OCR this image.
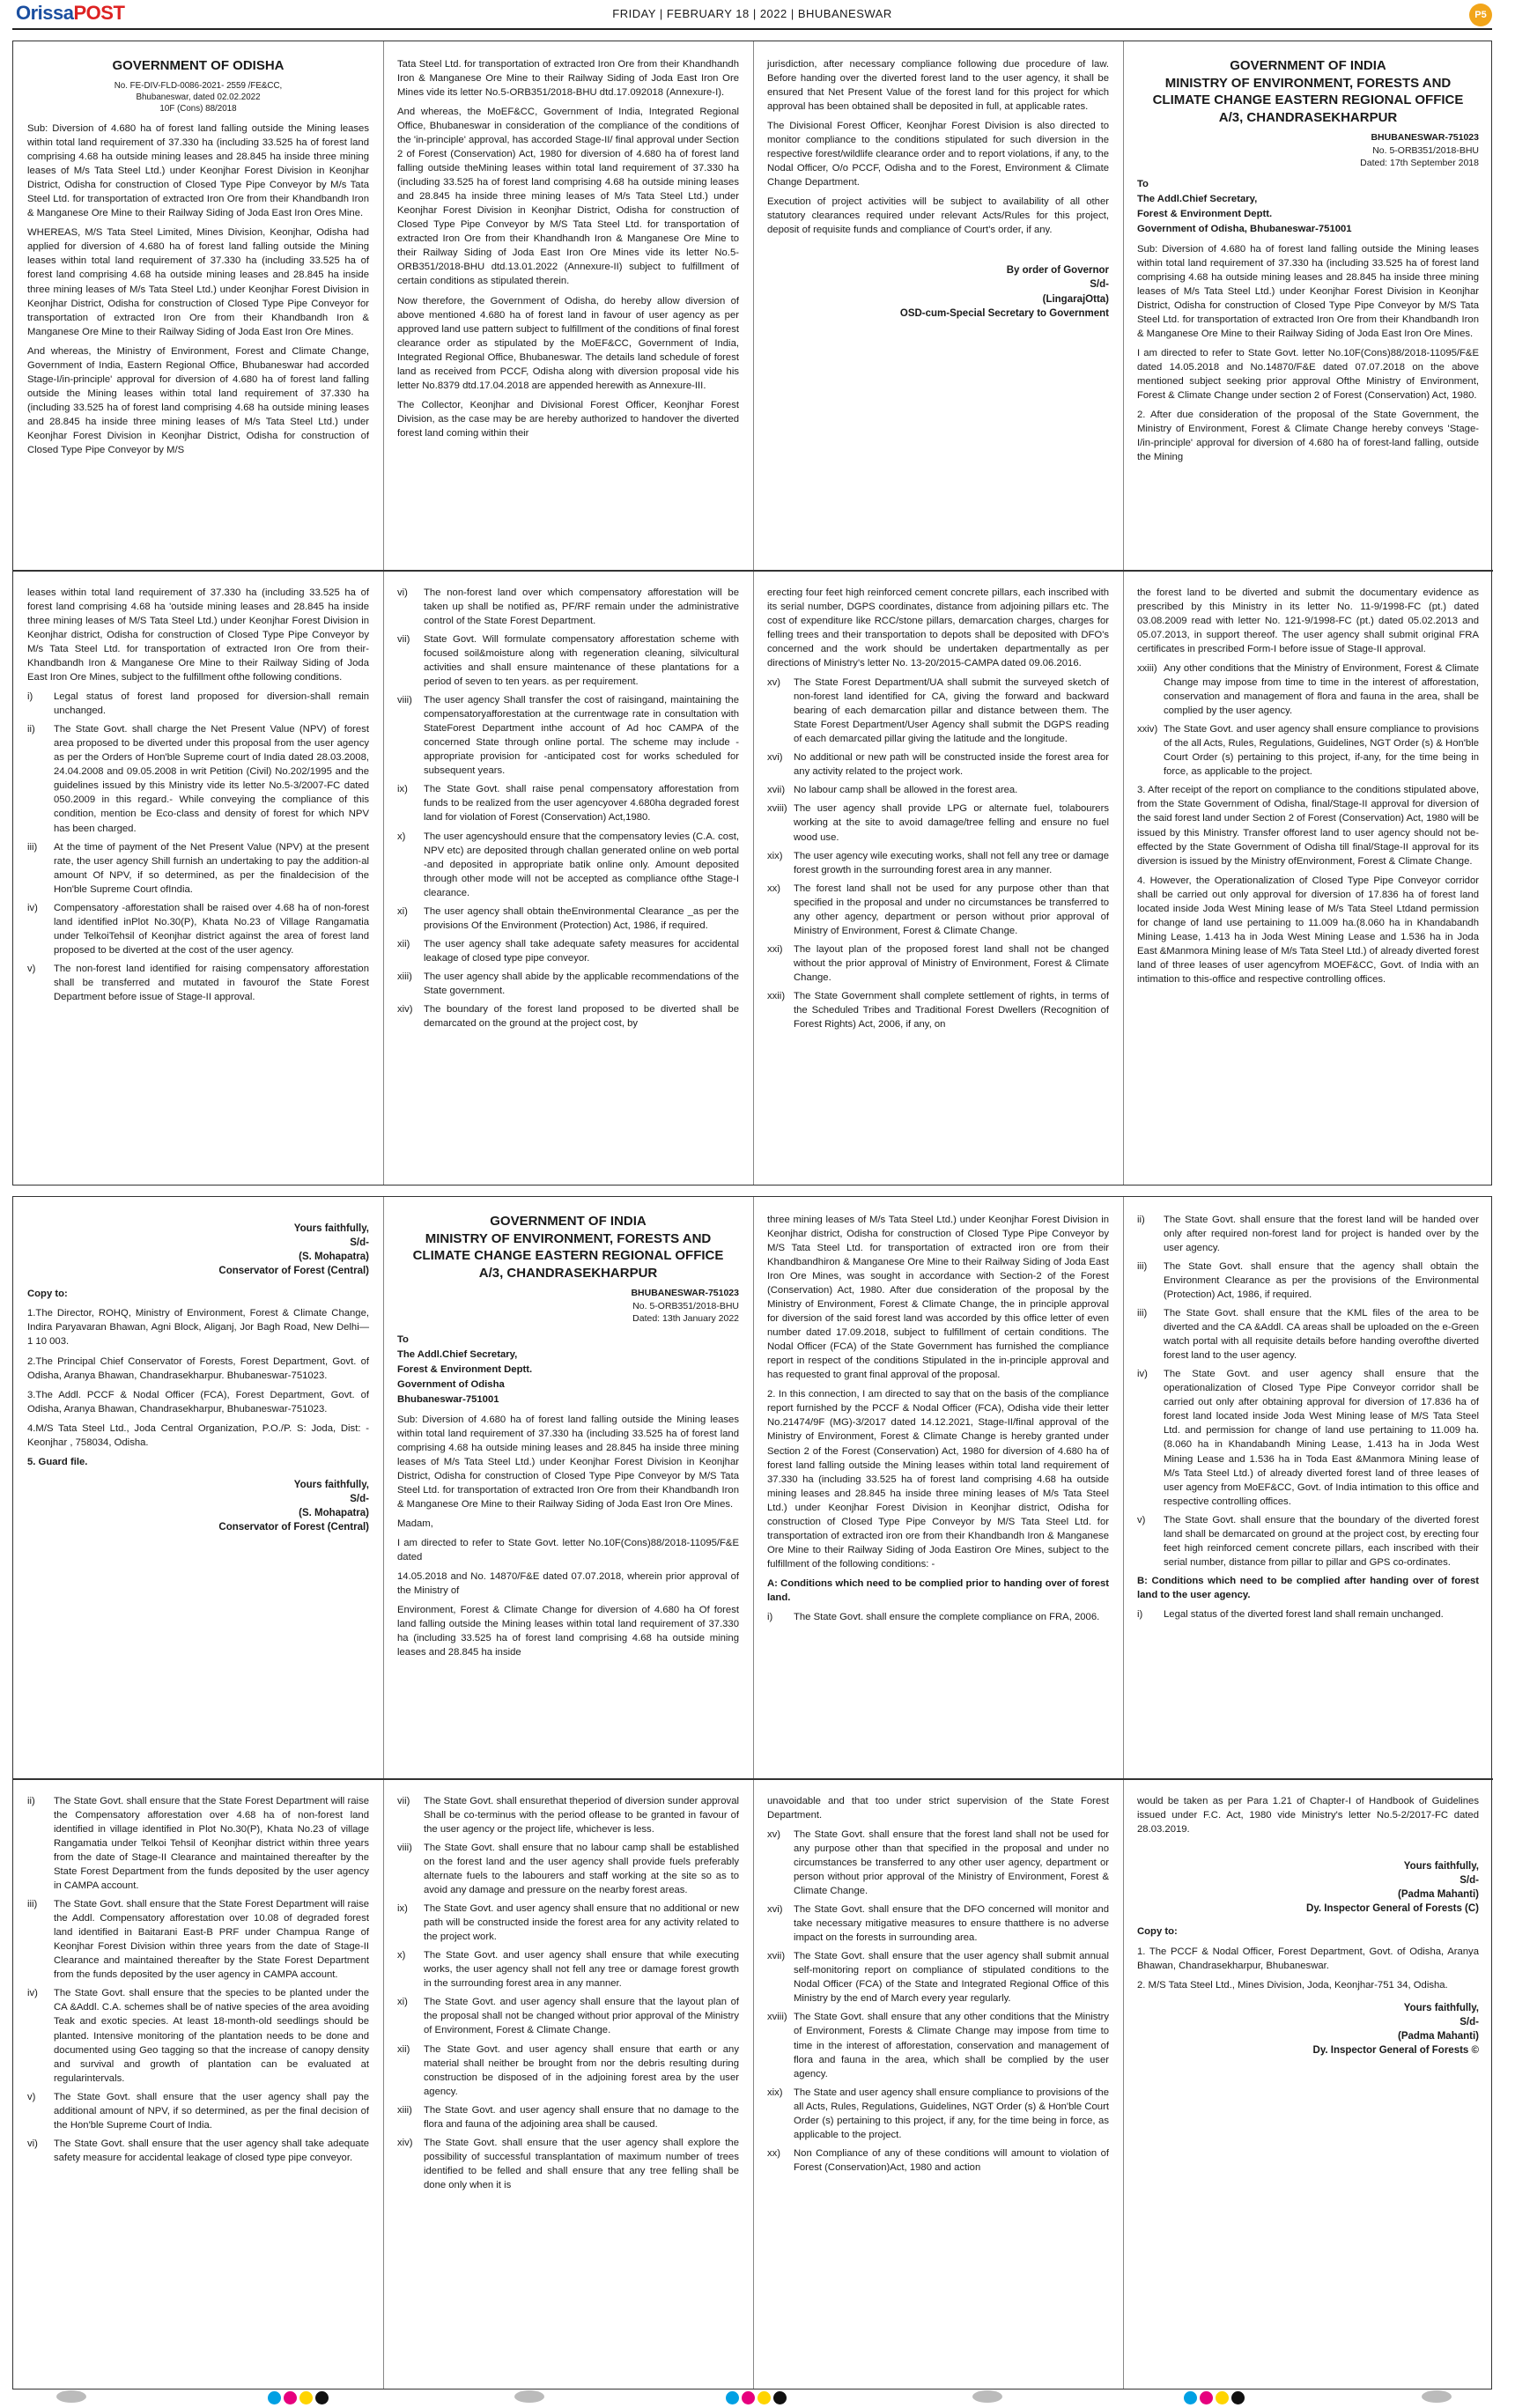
OrissaPOST	FRIDAY | FEBRUARY 18 | 2022 | BHUBANESWAR	P5
GOVERNMENT OF ODISHA
No. FE-DIV-FLD-0086-2021- 2559 /FE&CC,
Bhubaneswar, dated 02.02.2022
10F (Cons) 88/2018

Sub: Diversion of 4.680 ha of forest land falling outside the Mining leases within total land requirement of 37.330 ha (including 33.525 ha of forest land comprising 4.68 ha outside mining leases and 28.845 ha inside three mining leases of M/s Tata Steel Ltd.) under Keonjhar Forest Division in Keonjhar District, Odisha for construction of Closed Type Pipe Conveyor by M/s Tata Steel Ltd. for transportation of extracted Iron Ore from their Khandbandh Iron & Manganese Ore Mine to their Railway Siding of Joda East Iron Ores Mine.

WHEREAS, M/S Tata Steel Limited, Mines Division, Keonjhar, Odisha had applied for diversion of 4.680 ha of forest land falling outside the Mining leases within total land requirement of 37.330 ha (including 33.525 ha of forest land comprising 4.68 ha outside mining leases and 28.845 ha inside three mining leases of M/s Tata Steel Ltd.) under Keonjhar Forest Division in Keonjhar District, Odisha for construction of Closed Type Pipe Conveyor for transportation of extracted Iron Ore from their Khandbandh Iron & Manganese Ore Mine to their Railway Siding of Joda East Iron Ore Mines.

And whereas, the Ministry of Environment, Forest and Climate Change, Government of India, Eastern Regional Office, Bhubaneswar had accorded Stage-I/in-principle' approval for diversion of 4.680 ha of forest land falling outside the Mining leases within total land requirement of 37.330 ha (including 33.525 ha of forest land comprising 4.68 ha outside mining leases and 28.845 ha inside three mining leases of M/s Tata Steel Ltd.) under Keonjhar Forest Division in Keonjhar District, Odisha for construction of Closed Type Pipe Conveyor by M/S

Tata Steel Ltd. for transportation of extracted Iron Ore from their Khandhandh Iron & Manganese Ore Mine to their Railway Siding of Joda East Iron Ore Mines vide its letter No.5-ORB351/2018-BHU dtd.17.092018 (Annexure-I).

And whereas, the MoEF&CC, Government of India, Integrated Regional Office, Bhubaneswar in consideration of the compliance of the conditions of the 'in-principle' approval, has accorded Stage-II/ final approval under Section 2 of Forest (Conservation) Act, 1980 for diversion of 4.680 ha of forest land falling outside theMining leases within total land requirement of 37.330 ha (including 33.525 ha of forest land comprising 4.68 ha outside mining leases and 28.845 ha inside three mining leases of M/s Tata Steel Ltd.) under Keonjhar Forest Division in Keonjhar District, Odisha for construction of Closed Type Pipe Conveyor by M/S Tata Steel Ltd. for transportation of extracted Iron Ore from their Khandhandh Iron & Manganese Ore Mine to their Railway Siding of Joda East Iron Ore Mines vide its letter No.5-ORB351/2018-BHU dtd.13.01.2022 (Annexure-II) subject to fulfillment of certain conditions as stipulated therein.

Now therefore, the Government of Odisha, do hereby allow diversion of above mentioned 4.680 ha of forest land in favour of user agency as per approved land use pattern subject to fulfillment of the conditions of final forest clearance order as stipulated by the MoEF&CC, Government of India, Integrated Regional Office, Bhubaneswar. The details land schedule of forest land as received from PCCF, Odisha along with diversion proposal vide his letter No.8379 dtd.17.04.2018 are appended herewith as Annexure-III.

The Collector, Keonjhar and Divisional Forest Officer, Keonjhar Forest Division, as the case may be are hereby authorized to handover the diverted forest land coming within their

jurisdiction, after necessary compliance following due procedure of law. Before handing over the diverted forest land to the user agency, it shall be ensured that Net Present Value of the forest land for this project for which approval has been obtained shall be deposited in full, at applicable rates.

The Divisional Forest Officer, Keonjhar Forest Division is also directed to monitor compliance to the conditions stipulated for such diversion in the respective forest/wildlife clearance order and to report violations, if any, to the Nodal Officer, O/o PCCF, Odisha and to the Forest, Environment & Climate Change Department.

Execution of project activities will be subject to availability of all other statutory clearances required under relevant Acts/Rules for this project, deposit of requisite funds and compliance of Court's order, if any.

By order of Governor
S/d-
(LingarajOtta)
OSD-cum-Special Secretary to Government
GOVERNMENT OF INDIA
MINISTRY OF ENVIRONMENT, FORESTS AND CLIMATE CHANGE EASTERN REGIONAL OFFICE
A/3, CHANDRASEKHARPUR
BHUBANESWAR-751023
No. 5-ORB351/2018-BHU
Dated: 17th September 2018
To
The Addl.Chief Secretary,
Forest & Environment Deptt.
Government of Odisha, Bhubaneswar-751001

Sub: Diversion of 4.680 ha of forest land falling outside the Mining leases within total land requirement of 37.330 ha (including 33.525 ha of forest land comprising 4.68 ha outside mining leases and 28.845 ha inside three mining leases of M/s Tata Steel Ltd.) under Keonjhar Forest Division in Keonjhar District, Odisha for construction of Closed Type Pipe Conveyor by M/S Tata Steel Ltd. for transportation of extracted Iron Ore from their Khandbandh Iron & Manganese Ore Mine to their Railway Siding of Joda East Iron Ore Mines.

I am directed to refer to State Govt. letter No.10F(Cons)88/2018-11095/F&E dated 14.05.2018 and No.14870/F&E dated 07.07.2018 on the above mentioned subject seeking prior approval Ofthe Ministry of Environment, Forest & Climate Change under section 2 of Forest (Conservation) Act, 1980.

2. After due consideration of the proposal of the State Government, the Ministry of Environment, Forest & Climate Change hereby conveys 'Stage-I/in-principle' approval for diversion of 4.680 ha of forest-land falling, outside the Mining

leases within total land requirement of 37.330 ha (including 33.525 ha of forest land comprising 4.68 ha 'outside mining leases and 28.845 ha inside three mining leases of M/S Tata Steel Ltd.) under Keonjhar Forest Division in Keonjhar district, Odisha for construction of Closed Type Pipe Conveyor by M/s Tata Steel Ltd. for transportation of extracted Iron Ore from their-Khandbandh Iron & Manganese Ore Mine to their Railway Siding of Joda East Iron Ore Mines, subject to the fulfillment ofthe following conditions.

i)	Legal status of forest land proposed for diversion-shall remain unchanged.
ii)	The State Govt. shall charge the Net Present Value (NPV) of forest area proposed to be diverted under this proposal from the user agency as per the Orders of Hon'ble Supreme court of India dated 28.03.2008, 24.04.2008 and 09.05.2008 in writ Petition (Civil) No.202/1995 and the guidelines issued by this Ministry vide its letter No.5-3/2007-FC dated 050.2009 in this regard.- While conveying the compliance of this condition, mention be Eco-class and density of forest for which NPV has been charged.
iii)	At the time of payment of the Net Present Value (NPV) at the present rate, the user agency Shill furnish an undertaking to pay the addition-al amount Of NPV, if so determined, as per the finaldecision of the Hon'ble Supreme Court ofIndia.
iv)	Compensatory -afforestation shall be raised over 4.68 ha of non-forest land identified inPlot No.30(P), Khata No.23 of Village Rangamatia under TelkoiTehsil of Keonjhar district against the area of forest land proposed to be diverted at the cost of the user agency.
v)	The non-forest land identified for raising compensatory afforestation shall be transferred and mutated in favourof the State Forest Department before issue of Stage-II approval.
vi)	The non-forest land over which compensatory afforestation will be taken up shall be notified as, PF/RF remain under the administrative control of the State Forest Department.
vii)	State Govt. Will formulate compensatory afforestation scheme with focused soil&moisture along with regeneration cleaning, silvicultural activities and shall ensure maintenance of these plantations for a period of seven to ten years. as per requirement.
viii)	The user agency Shall transfer the cost of raisingand, maintaining the compensatoryafforestation at the currentwage rate in consultation with StateForest Department inthe account of Ad hoc CAMPA of the concerned State through online portal. The scheme may include -appropriate provision for -anticipated cost for works scheduled for subsequent years.
ix)	The State Govt. shall raise penal compensatory afforestation from funds to be realized from the user agencyover 4.680ha degraded forest land for violation of Forest (Conservation) Act,1980.
x)	The user agencyshould ensure that the compensatory levies (C.A. cost, NPV etc) are deposited through challan generated online on web portal -and deposited in appropriate batik online only. Amount deposited through other mode will not be accepted as compliance ofthe Stage-I clearance.
xi)	The user agency shall obtain theEnvironmental Clearance _as per the provisions Of the Environment (Protection) Act, 1986, if required.
xii)	The user agency shall take adequate safety measures for accidental leakage of closed type pipe conveyor.
xiii)	The user agency shall abide by the applicable recommendations of the State government.
xiv)	The boundary of the forest land proposed to be diverted shall be demarcated on the ground at the project cost, by

erecting four feet high reinforced cement concrete pillars, each inscribed with its serial number, DGPS coordinates, distance from adjoining pillars etc. The cost of expenditure like RCC/stone pillars, demarcation charges, charges for felling trees and their transportation to depots shall be deposited with DFO's concerned and the work should be undertaken departmentally as per directions of Ministry's letter No. 13-20/2015-CAMPA dated 09.06.2016.

xv)	The State Forest Department/UA shall submit the surveyed sketch of non-forest land identified for CA, giving the forward and backward bearing of each demarcation pillar and distance between them. The State Forest Department/User Agency shall submit the DGPS reading of each demarcated pillar giving the latitude and the longitude.
xvi)	No additional or new path will be constructed inside the forest area for any activity related to the project work.
xvii) No labour camp shall be allowed in the forest area.
xviii) The user agency shall provide LPG or alternate fuel, tolabourers working at the site to avoid damage/tree felling and ensure no fuel wood use.
xix)	The user agency wile executing works, shall not fell any tree or damage forest growth in the surrounding forest area in any manner.
xx)	The forest land shall not be used for any purpose other than that specified in the proposal and under no circumstances be transferred to any other agency, department or person without prior approval of Ministry of Environment, Forest & Climate Change.
xxi)	The layout plan of the proposed forest land shall not be changed without the prior approval of Ministry of Environment, Forest & Climate Change.
xxii) The State Government shall complete settlement of rights, in terms of the Scheduled Tribes and Traditional Forest Dwellers (Recognition of Forest Rights) Act, 2006, if any, on

the forest land to be diverted and submit the documentary evidence as prescribed by this Ministry in its letter No. 11-9/1998-FC (pt.) dated 03.08.2009 read with letter No. 121-9/1998-FC (pt.) dated 05.02.2013 and 05.07.2013, in support thereof. The user agency shall submit original FRA certificates in prescribed Form-I before issue of Stage-II approval.

xxiii) Any other conditions that the Ministry of Environment, Forest & Climate Change may impose from time to time in the interest of afforestation, conservation and management of flora and fauna in the area, shall be complied by the user agency.
xxiv) The State Govt. and user agency shall ensure compliance to provisions of the all Acts, Rules, Regulations, Guidelines, NGT Order (s) & Hon'ble Court Order (s) pertaining to this project, if-any, for the time being in force, as applicable to the project.

3. After receipt of the report on compliance to the conditions stipulated above, from the State Government of Odisha, final/Stage-II approval for diversion of the said forest land under Section 2 of Forest (Conservation) Act, 1980 will be issued by this Ministry. Transfer offorest land to user agency should not be- effected by the State Government of Odisha till final/Stage-II approval for its diversion is issued by the Ministry ofEnvironment, Forest & Climate Change.

4. However, the Operationalization of Closed Type Pipe Conveyor corridor shall be carried out only approval for diversion of 17.836 ha of forest land located inside Joda West Mining lease of M/s Tata Steel Ltdand permission for change of land use pertaining to 11.009 ha.(8.060 ha in Khandabandh Mining Lease, 1.413 ha in Joda West Mining Lease and 1.536 ha in Joda East &Manmora Mining lease of M/s Tata Steel Ltd.) of already diverted forest land of three leases of user agencyfrom MOEF&CC, Govt. of India with an intimation to this-office and respective controlling offices.

Yours faithfully,
S/d-
(S. Mohapatra)
Conservator of Forest (Central)

Copy to:

1.The Director, ROHQ, Ministry of Environment, Forest & Climate Change, Indira Paryavaran Bhawan, Agni Block, Aliganj, Jor Bagh Road, New Delhi— 1 10 003.

2.The Principal Chief Conservator of Forests, Forest Department, Govt. of Odisha, Aranya Bhawan, Chandrasekharpur. Bhubaneswar-751023.

3.The Addl. PCCF & Nodal Officer (FCA), Forest Department, Govt. of Odisha, Aranya Bhawan, Chandrasekharpur, Bhubaneswar-751023.

4.M/S Tata Steel Ltd., Joda Central Organization, P.O./P. S: Joda, Dist: -Keonjhar , 758034, Odisha.

5. Guard file.

Yours faithfully,
S/d-
(S. Mohapatra)
Conservator of Forest (Central)
GOVERNMENT OF INDIA
MINISTRY OF ENVIRONMENT, FORESTS AND CLIMATE CHANGE EASTERN REGIONAL OFFICE
A/3, CHANDRASEKHARPUR
BHUBANESWAR-751023
No. 5-ORB351/2018-BHU
Dated: 13th January 2022
To
The Addl.Chief Secretary,
Forest & Environment Deptt.
Government of Odisha
Bhubaneswar-751001

Sub: Diversion of 4.680 ha of forest land falling outside the Mining leases within total land requirement of 37.330 ha (including 33.525 ha of forest land comprising 4.68 ha outside mining leases and 28.845 ha inside three mining leases of M/s Tata Steel Ltd.) under Keonjhar Forest Division in Keonjhar District, Odisha for construction of Closed Type Pipe Conveyor by M/S Tata Steel Ltd. for transportation of extracted Iron Ore from their Khandbandh Iron & Manganese Ore Mine to their Railway Siding of Joda East Iron Ore Mines.

Madam,

I am directed to refer to State Govt. letter No.10F(Cons)88/2018-11095/F&E dated

14.05.2018 and No. 14870/F&E dated 07.07.2018, wherein prior approval of the Ministry of

Environment, Forest & Climate Change for diversion of 4.680 ha Of forest land falling outside the Mining leases within total land requirement of 37.330 ha (including 33.525 ha of forest land comprising 4.68 ha outside mining leases and 28.845 ha inside

three mining leases of M/s Tata Steel Ltd.) under Keonjhar Forest Division in Keonjhar district, Odisha for construction of Closed Type Pipe Conveyor by M/S Tata Steel Ltd. for transportation of extracted iron ore from their Khandbandhiron & Manganese Ore Mine to their Railway Siding of Joda East Iron Ore Mines, was sought in accordance with Section-2 of the Forest (Conservation) Act, 1980. After due consideration of the proposal by the Ministry of Environment, Forest & Climate Change, the in principle approval for diversion of the said forest land was accorded by this office letter of even number dated 17.09.2018, subject to fulfillment of certain conditions. The Nodal Officer (FCA) of the State Government has furnished the compliance report in respect of the conditions Stipulated in the in-principle approval and has requested to grant final approval of the proposal.

2. In this connection, I am directed to say that on the basis of the compliance report furnished by the PCCF & Nodal Officer (FCA), Odisha vide their letter No.21474/9F (MG)-3/2017 dated 14.12.2021, Stage-II/final approval of the Ministry of Environment, Forest & Climate Change is hereby granted under Section 2 of the Forest (Conservation) Act, 1980 for diversion of 4.680 ha of forest land falling outside the Mining leases within total land requirement of 37.330 ha (including 33.525 ha of forest land comprising 4.68 ha outside mining leases and 28.845 ha inside three mining leases of M/s Tata Steel Ltd.) under Keonjhar Forest Division in Keonjhar district, Odisha for construction of Closed Type Pipe Conveyor by M/S Tata Steel Ltd. for transportation of extracted iron ore from their Khandbandh Iron & Manganese Ore Mine to their Railway Siding of Joda Eastiron Ore Mines, subject to the fulfillment of the following conditions: -

A: Conditions which need to be complied prior to handing over of forest land.

i)	The State Govt. shall ensure the complete compliance on FRA, 2006.
ii)	The State Govt. shall ensure that the forest land will be handed over only after required non-forest land for project is handed over by the user agency.
iii)	The State Govt. shall ensure that the agency shall obtain the Environment Clearance as per the provisions of the Environmental (Protection) Act, 1986, if required.
iii)	The State Govt. shall ensure that the KML files of the area to be diverted and the CA &Addl. CA areas shall be uploaded on the e-Green watch portal with all requisite details before handing overofthe diverted forest land to the user agency.
iv)	The State Govt. and user agency shall ensure that the operationalization of Closed Type Pipe Conveyor corridor shall be carried out only after obtaining approval for diversion of 17.836 ha of forest land located inside Joda West Mining lease of M/S Tata Steel Ltd. and permission for change of land use pertaining to 11.009 ha.(8.060 ha in Khandabandh Mining Lease, 1.413 ha in Joda West Mining Lease and 1.536 ha in Toda East &Manmora Mining lease of M/s Tata Steel Ltd.) of already diverted forest land of three leases of user agency from MoEF&CC, Govt. of India intimation to this office and respective controlling offices.
v)	The State Govt. shall ensure that the boundary of the diverted forest land shall be demarcated on ground at the project cost, by erecting four feet high reinforced cement concrete pillars, each inscribed with their serial number, distance from pillar to pillar and GPS co-ordinates.

B: Conditions which need to be complied after handing over of forest land to the user agency.

i)	Legal status of the diverted forest land shall remain unchanged.
ii)	The State Govt. shall ensure that the State Forest Department will raise the Compensatory afforestation over 4.68 ha of non-forest land identified in village identified in Plot No.30(P), Khata No.23 of village Rangamatia under Telkoi Tehsil of Keonjhar district within three years from the date of Stage-II Clearance and maintained thereafter by the State Forest Department from the funds deposited by the user agency in CAMPA account.
iii)	The State Govt. shall ensure that the State Forest Department will raise the Addl. Compensatory afforestation over 10.08 of degraded forest land identified in Baitarani East-B PRF under Champua Range of Keonjhar Forest Division within three years from the date of Stage-II Clearance and maintained thereafter by the State Forest Department from the funds deposited by the user agency in CAMPA account.
iv)	The State Govt. shall ensure that the species to be planted under the CA &Addl. C.A. schemes shall be of native species of the area avoiding Teak and exotic species. At least 18-month-old seedlings should be planted. Intensive monitoring of the plantation needs to be done and documented using Geo tagging so that the increase of canopy density and survival and growth of plantation can be evaluated at regularintervals.
v)	The State Govt. shall ensure that the user agency shall pay the additional amount of NPV, if so determined, as per the final decision of the Hon'ble Supreme Court of India.
vi)	The State Govt. shall ensure that the user agency shall take adequate safety measure for accidental leakage of closed type pipe conveyor.
vii)	The State Govt. shall ensurethat theperiod of diversion sunder approval Shall be co-terminus with the period oflease to be granted in favour of the user agency or the project life, whichever is less.
viii)	The State Govt. shall ensure that no labour camp shall be established on the forest land and the user agency shall provide fuels preferably alternate fuels to the labourers and staff working at the site so as to avoid any damage and pressure on the nearby forest areas.
ix)	The State Govt. and user agency shall ensure that no additional or new path will be constructed inside the forest area for any activity related to the project work.
x)	The State Govt. and user agency shall ensure that while executing works, the user agency shall not fell any tree or damage forest growth in the surrounding forest area in any manner.
xi)	The State Govt. and user agency shall ensure that the layout plan of the proposal shall not be changed without prior approval of the Ministry of Environment, Forest & Climate Change.
xii)	The State Govt. and user agency shall ensure that earth or any material shall neither be brought from nor the debris resulting during construction be disposed of in the adjoining forest area by the user agency.
xiii)	The State Govt. and user agency shall ensure that no damage to the flora and fauna of the adjoining area shall be caused.
xiv)	The State Govt. shall ensure that the user agency shall explore the possibility of successful transplantation of maximum number of trees identified to be felled and shall ensure that any tree felling shall be done only when it is

unavoidable and that too under strict supervision of the State Forest Department.

xv)	The State Govt. shall ensure that the forest land shall not be used for any purpose other than that specified in the proposal and under no circumstances be transferred to any other user agency, department or person without prior approval of the Ministry of Environment, Forest & Climate Change.
xvi)	The State Govt. shall ensure that the DFO concerned will monitor and take necessary mitigative measures to ensure thatthere is no adverse impact on the forests in surrounding area.
xvii) The State Govt. shall ensure that the user agency shall submit annual self-monitoring report on compliance of stipulated conditions to the Nodal Officer (FCA) of the State and Integrated Regional Office of this Ministry by the end of March every year regularly.
xviii) The State Govt. shall ensure that any other conditions that the Ministry of Environment, Forests & Climate Change may impose from time to time in the interest of afforestation, conservation and management of flora and fauna in the area, which shall be complied by the user agency.
xix)	The State and user agency shall ensure compliance to provisions of the all Acts, Rules, Regulations, Guidelines, NGT Order (s) & Hon'ble Court Order (s) pertaining to this project, if any, for the time being in force, as applicable to the project.
xx)	Non Compliance of any of these conditions will amount to violation of Forest (Conservation)Act, 1980 and action

would be taken as per Para 1.21 of Chapter-I of Handbook of Guidelines issued under F.C. Act, 1980 vide Ministry's letter No.5-2/2017-FC dated 28.03.2019.

Yours faithfully,
S/d-
(Padma Mahanti)
Dy. Inspector General of Forests (C)

Copy to:

1. The PCCF & Nodal Officer, Forest Department, Govt. of Odisha, Aranya Bhawan, Chandrasekharpur, Bhubaneswar.

2. M/S Tata Steel Ltd., Mines Division, Joda, Keonjhar-751 34, Odisha.

Yours faithfully,
S/d-
(Padma Mahanti)
Dy. Inspector General of Forests ©
